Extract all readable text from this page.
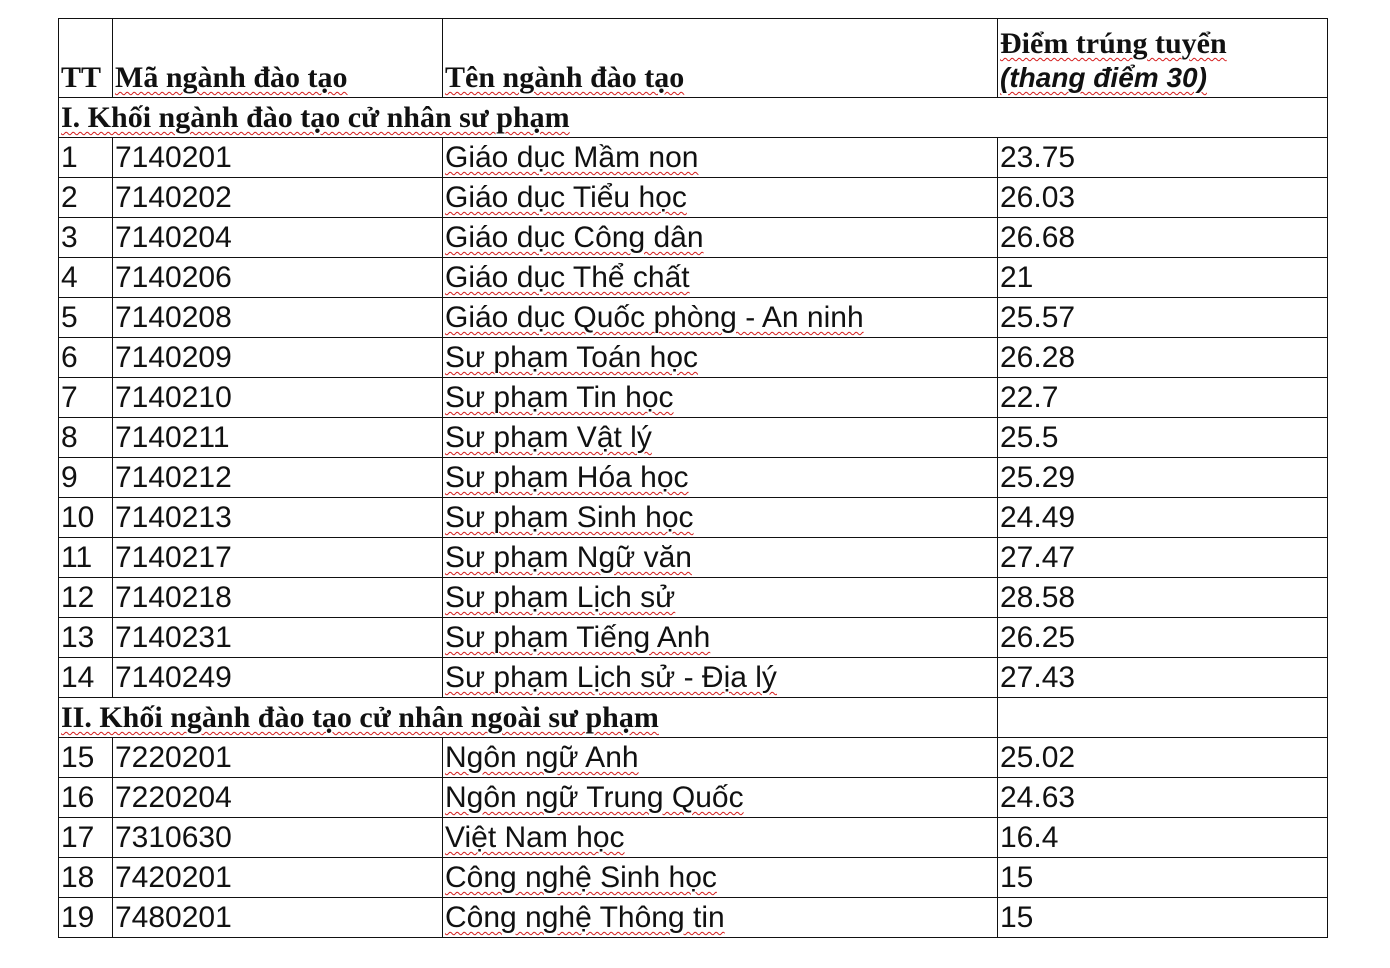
TT	Mã ngành đào tạo	Tên ngành đào tạo	Điểm trúng tuyển
(thang điểm 30)
I. Khối ngành đào tạo cử nhân sư phạm			
1	7140201	Giáo dục Mầm non	23.75
2	7140202	Giáo dục Tiểu học	26.03
3	7140204	Giáo dục Công dân	26.68
4	7140206	Giáo dục Thể chất	21
5	7140208	Giáo dục Quốc phòng - An ninh	25.57
6	7140209	Sư phạm Toán học	26.28
7	7140210	Sư phạm Tin học	22.7
8	7140211	Sư phạm Vật lý	25.5
9	7140212	Sư phạm Hóa học	25.29
10	7140213	Sư phạm Sinh học	24.49
11	7140217	Sư phạm Ngữ văn	27.47
12	7140218	Sư phạm Lịch sử	28.58
13	7140231	Sư phạm Tiếng Anh	26.25
14	7140249	Sư phạm Lịch sử - Địa lý	27.43
II. Khối ngành đào tạo cử nhân ngoài sư phạm			
15	7220201	Ngôn ngữ Anh	25.02
16	7220204	Ngôn ngữ Trung Quốc	24.63
17	7310630	Việt Nam học	16.4
18	7420201	Công nghệ Sinh học	15
19	7480201	Công nghệ Thông tin	15
